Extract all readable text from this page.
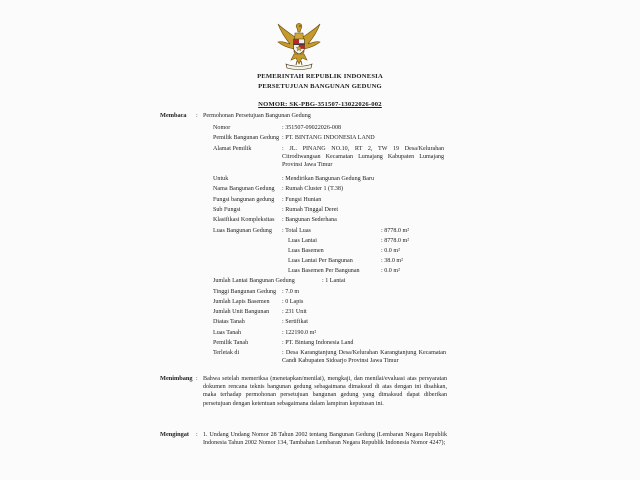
PEMERINTAH REPUBLIK INDONESIA
PERSETUJUAN BANGUNAN GEDUNG
NOMOR: SK-PBG-351507-13022026-002
Membaca : Permohonan Persetujuan Bangunan Gedung
Nomor	: 351507-09022026-008
Pemilik Bangunan Gedung : PT. BINTANG INDONESIA LAND
Alamat Pemilik	: JL. PINANG NO.10, RT 2, TW 19 Desa/Kelurahan Citrodiwangsan Kecamatan Lumajang Kabupaten Lumajang Provinsi Jawa Timur
Untuk	: Mendirikan Bangunan Gedung Baru
Nama Bangunan Gedung : Rumah Cluster 1 (T.38)
Fungsi bangunan gedung : Fungsi Hunian
Sub Fungsi	: Rumah Tinggal Deret
Klasifikasi Kompleksitas : Bangunan Sederhana
Luas Bangunan Gedung : Total Luas	: 8778.0 m²
Luas Lantai	: 8778.0 m²
Luas Basemen	: 0.0 m²
Luas Lantai Per Bangunan	: 38.0 m²
Luas Basemen Per Bangunan	: 0.0 m²
Jumlah Lantai Bangunan Gedung	: 1 Lantai
Tinggi Bangunan Gedung : 7.0 m
Jumlah Lapis Basemen : 0 Lapis
Jumlah Unit Bangunan : 231 Unit
Diatas Tanah	: Sertifikat
Luas Tanah	: 122190.0 m²
Pemilik Tanah	: PT. Bintang Indonesia Land
Terletak di	: Desa Karangtanjung Desa/Kelurahan Karangtanjung Kecamatan Candi Kabupaten Sidoarjo Provinsi Jawa Timur
Menimbang : Bahwa setelah memeriksa (menetapkan/menilai), mengkaji, dan menilai/evaluasi atas persyaratan dokumen rencana teknis bangunan gedung sebagaimana dimaksud di atas dengan ini disahkan, maka terhadap permohonan persetujuan bangunan gedung yang dimaksud dapat diberikan persetujuan dengan ketentuan sebagaimana dalam lampiran keputusan ini.
Mengingat : 1. Undang Undang Nomor 28 Tahun 2002 tentang Bangunan Gedung (Lembaran Negara Republik Indonesia Tahun 2002 Nomor 134, Tambahan Lembaran Negara Republik Indonesia Nomor 4247);
